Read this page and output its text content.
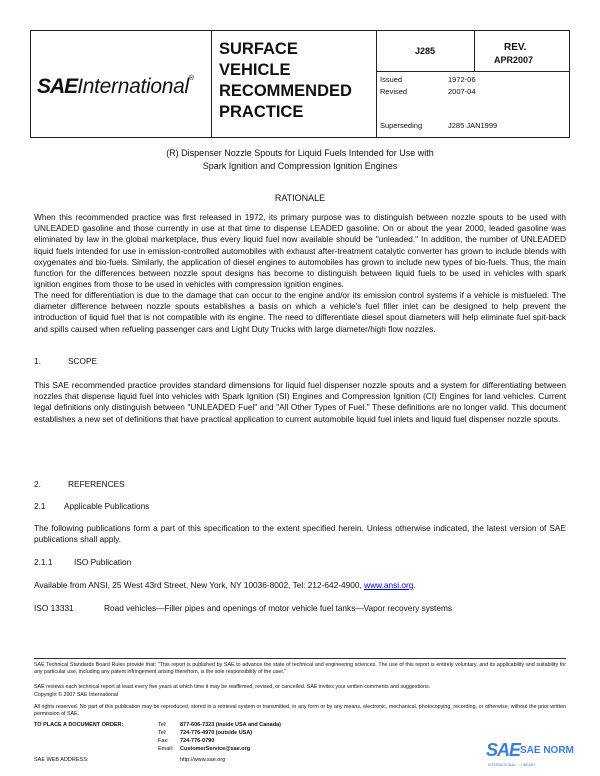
SAEInternational®
SURFACE
VEHICLE
RECOMMENDED
PRACTICE
J285	REV.
APR2007
Issued	1972-06
Revised	2007-04
Superseding	J285 JAN1999
(R) Dispenser Nozzle Spouts for Liquid Fuels Intended for Use with
Spark Ignition and Compression Ignition Engines
RATIONALE
When this recommended practice was first released in 1972, its primary purpose was to distinguish between nozzle spouts to be used with UNLEADED gasoline and those currently in use at that time to dispense LEADED gasoline. On or about the year 2000, leaded gasoline was eliminated by law in the global marketplace, thus every liquid fuel now available should be "unleaded." In addition, the number of UNLEADED liquid fuels intended for use in emission-controlled automobiles with exhaust after-treatment catalytic converter has grown to include blends with oxygenates and bio-fuels. Similarly, the application of diesel engines to automobiles has grown to include new types of bio-fuels. Thus, the main function for the differences between nozzle spout designs has become to distinguish between liquid fuels to be used in vehicles with spark ignition engines from those to be used in vehicles with compression ignition engines.
The need for differentiation is due to the damage that can occur to the engine and/or its emission control systems if a vehicle is misfueled. The diameter difference between nozzle spouts establishes a basis on which a vehicle's fuel filler inlet can be designed to help prevent the introduction of liquid fuel that is not compatible with its engine. The need to differentiate diesel spout diameters will help eliminate fuel spit-back and spills caused when refueling passenger cars and Light Duty Trucks with large diameter/high flow nozzles.
1.	SCOPE
This SAE recommended practice provides standard dimensions for liquid fuel dispenser nozzle spouts and a system for differentiating between nozzles that dispense liquid fuel into vehicles with Spark Ignition (SI) Engines and Compression Ignition (CI) Engines for land vehicles. Current legal definitions only distinguish between "UNLEADED Fuel" and "All Other Types of Fuel." These definitions are no longer valid. This document establishes a new set of definitions that have practical application to current automobile liquid fuel inlets and liquid fuel dispenser nozzle spouts.
2.	REFERENCES
2.1 Applicable Publications
The following publications form a part of this specification to the extent specified herein. Unless otherwise indicated, the latest version of SAE publications shall apply.
2.1.1	ISO Publication
Available from ANSI, 25 West 43rd Street, New York, NY 10036-8002, Tel: 212-642-4900, www.ansi.org.
ISO 13331	Road vehicles—Filler pipes and openings of motor vehicle fuel tanks—Vapor recovery systems
SAE Technical Standards Board Rules provide that: "This report is published by SAE to advance the state of technical and engineering sciences. The use of this report is entirely voluntary, and its applicability and suitability for any particular use, including any patent infringement arising therefrom, is the sole responsibility of the user."
SAE reviews each technical report at least every five years at which time it may be reaffirmed, revised, or cancelled. SAE invites your written comments and suggestions.
Copyright © 2007 SAE International
All rights reserved. No part of this publication may be reproduced, stored in a retrieval system or transmitted, in any form or by any means, electronic, mechanical, photocopying, recording, or otherwise, without the prior written permission of SAE.
TO PLACE A DOCUMENT ORDER:	Tel: 877-606-7323 (inside USA and Canada)
Tel: 724-776-4970 (outside USA)
Fax: 724-776-0790
Email: CustomerService@sae.org
SAE WEB ADDRESS:	http://www.sae.org	SAE SAE NORM
INTERNATIONAL · · LIBRARY
